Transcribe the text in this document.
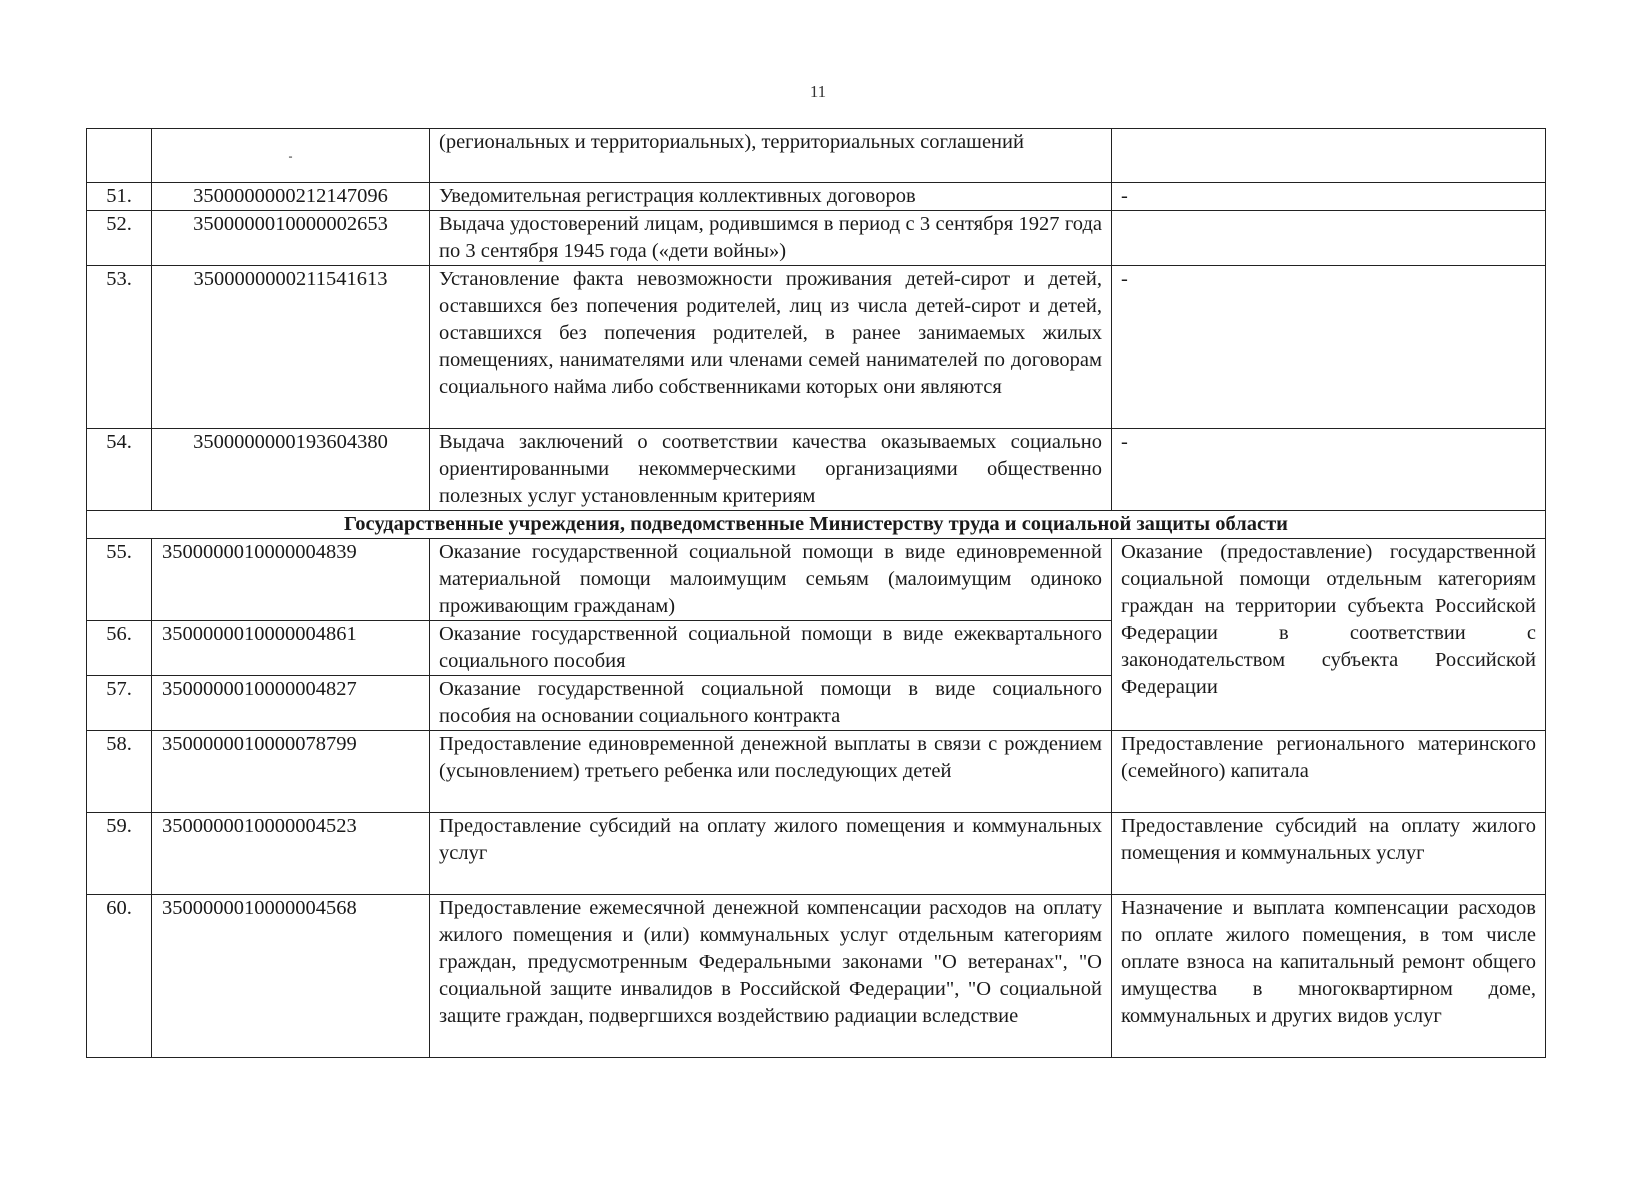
11
	-	(региональных и территориальных), территориальных соглашений	
51.	3500000000212147096	Уведомительная регистрация коллективных договоров	-
52.	3500000010000002653	Выдача удостоверений лицам, родившимся в период с 3 сентября 1927 года по 3 сентября 1945 года («дети войны»)	
53.	3500000000211541613	Установление факта невозможности проживания детей-сирот и детей, оставшихся без попечения родителей, лиц из числа детей-сирот и детей, оставшихся без попечения родителей, в ранее занимаемых жилых помещениях, нанимателями или членами семей нанимателей по договорам социального найма либо собственниками которых они являются	-
54.	3500000000193604380	Выдача заключений о соответствии качества оказываемых социально ориентированными некоммерческими организациями общественно полезных услуг установленным критериям	-
Государственные учреждения, подведомственные Министерству труда и социальной защиты области			
55.	3500000010000004839	Оказание государственной социальной помощи в виде единовременной материальной помощи малоимущим семьям (малоимущим одиноко проживающим гражданам)	Оказание (предоставление) государственной социальной помощи отдельным категориям граждан на территории субъекта Российской Федерации в соответствии с законодательством субъекта Российской Федерации
56.	3500000010000004861	Оказание государственной социальной помощи в виде ежеквартального социального пособия	
57.	3500000010000004827	Оказание государственной социальной помощи в виде социального пособия на основании социального контракта	
58.	3500000010000078799	Предоставление единовременной денежной выплаты в связи с рождением (усыновлением) третьего ребенка или последующих детей	Предоставление регионального материнского (семейного) капитала
59.	3500000010000004523	Предоставление субсидий на оплату жилого помещения и коммунальных услуг	Предоставление субсидий на оплату жилого помещения и коммунальных услуг
60.	3500000010000004568	Предоставление ежемесячной денежной компенсации расходов на оплату жилого помещения и (или) коммунальных услуг отдельным категориям граждан, предусмотренным Федеральными законами "О ветеранах", "О социальной защите инвалидов в Российской Федерации", "О социальной защите граждан, подвергшихся воздействию радиации вследствие	Назначение и выплата компенсации расходов по оплате жилого помещения, в том числе оплате взноса на капитальный ремонт общего имущества в многоквартирном доме, коммунальных и других видов услуг
